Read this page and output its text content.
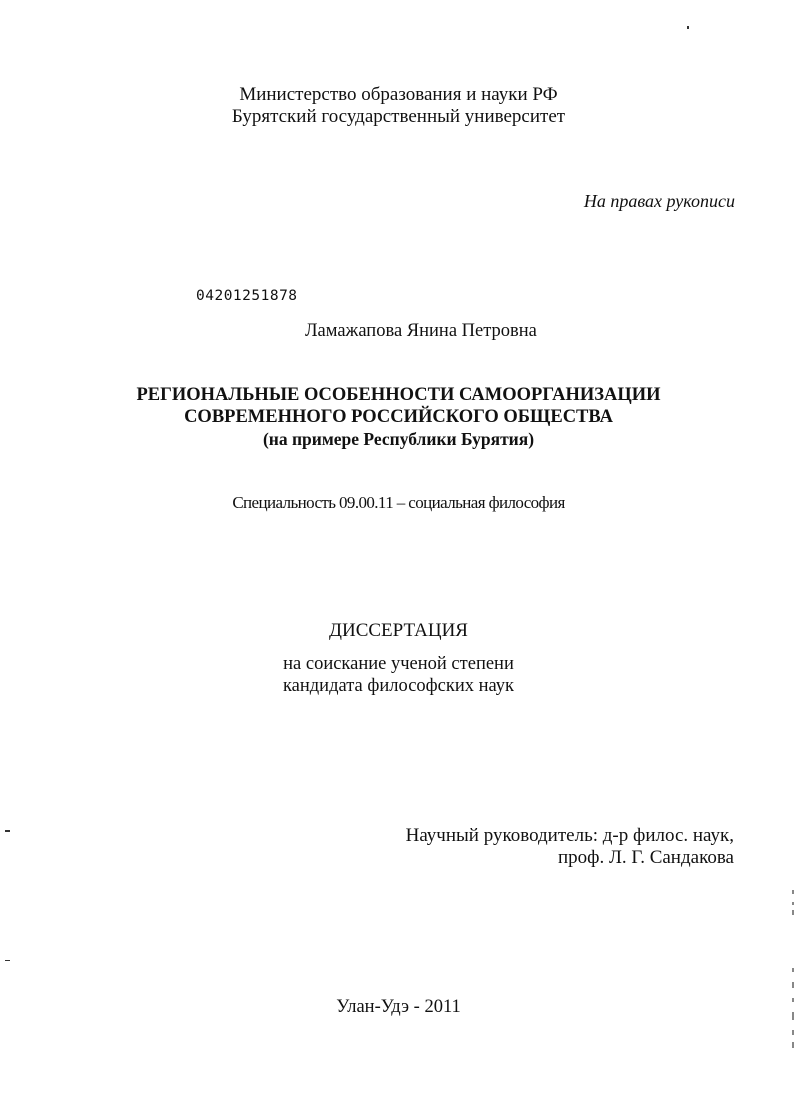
Министерство образования и науки РФ
Бурятский государственный университет
На правах рукописи
04201251878
Ламажапова Янина Петровна
РЕГИОНАЛЬНЫЕ ОСОБЕННОСТИ САМООРГАНИЗАЦИИ
СОВРЕМЕННОГО РОССИЙСКОГО ОБЩЕСТВА
(на примере Республики Бурятия)
Специальность 09.00.11 – социальная философия
ДИССЕРТАЦИЯ
на соискание ученой степени
кандидата философских наук
Научный руководитель: д-р филос. наук,
проф. Л. Г. Сандакова
Улан-Удэ - 2011
